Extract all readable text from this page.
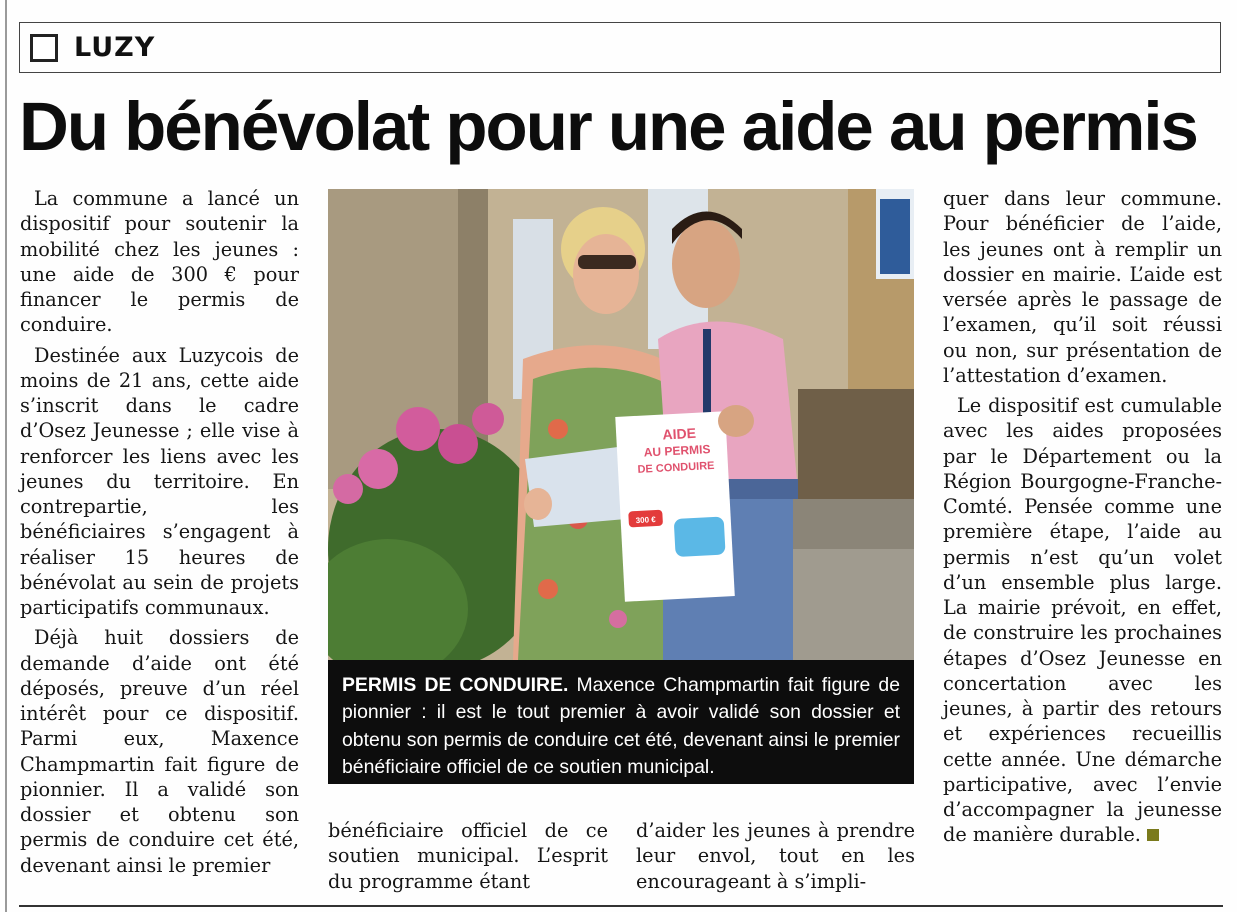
LUZY
Du bénévolat pour une aide au permis

La commune a lancé un dispositif pour soutenir la mobilité chez les jeunes : une aide de 300 € pour financer le permis de conduire.

Destinée aux Luzycois de moins de 21 ans, cette aide s’inscrit dans le cadre d’Osez Jeunesse ; elle vise à renforcer les liens avec les jeunes du territoire. En contrepartie, les bénéficiaires s’engagent à réaliser 15 heures de bénévolat au sein de projets participatifs communaux.

Déjà huit dossiers de demande d’aide ont été déposés, preuve d’un réel intérêt pour ce dispositif. Parmi eux, Maxence Champmartin fait figure de pionnier. Il a validé son dossier et obtenu son permis de conduire cet été, devenant ainsi le premier

AIDE
AU PERMIS
DE CONDUIRE
300 €
PERMIS DE CONDUIRE. Maxence Champmartin fait figure de pionnier : il est le tout premier à avoir validé son dossier et obtenu son permis de conduire cet été, devenant ainsi le premier bénéficiaire officiel de ce soutien municipal.

bénéficiaire officiel de ce soutien municipal. L’esprit du programme étant

d’aider les jeunes à prendre leur envol, tout en les encourageant à s’impli-

quer dans leur commune. Pour bénéficier de l’aide, les jeunes ont à remplir un dossier en mairie. L’aide est versée après le passage de l’examen, qu’il soit réussi ou non, sur présentation de l’attestation d’examen.

Le dispositif est cumulable avec les aides proposées par le Département ou la Région Bourgogne-Franche-Comté. Pensée comme une première étape, l’aide au permis n’est qu’un volet d’un ensemble plus large. La mairie prévoit, en effet, de construire les prochaines étapes d’Osez Jeunesse en concertation avec les jeunes, à partir des retours et expériences recueillis cette année. Une démarche participative, avec l’envie d’accompagner la jeunesse de manière durable.
